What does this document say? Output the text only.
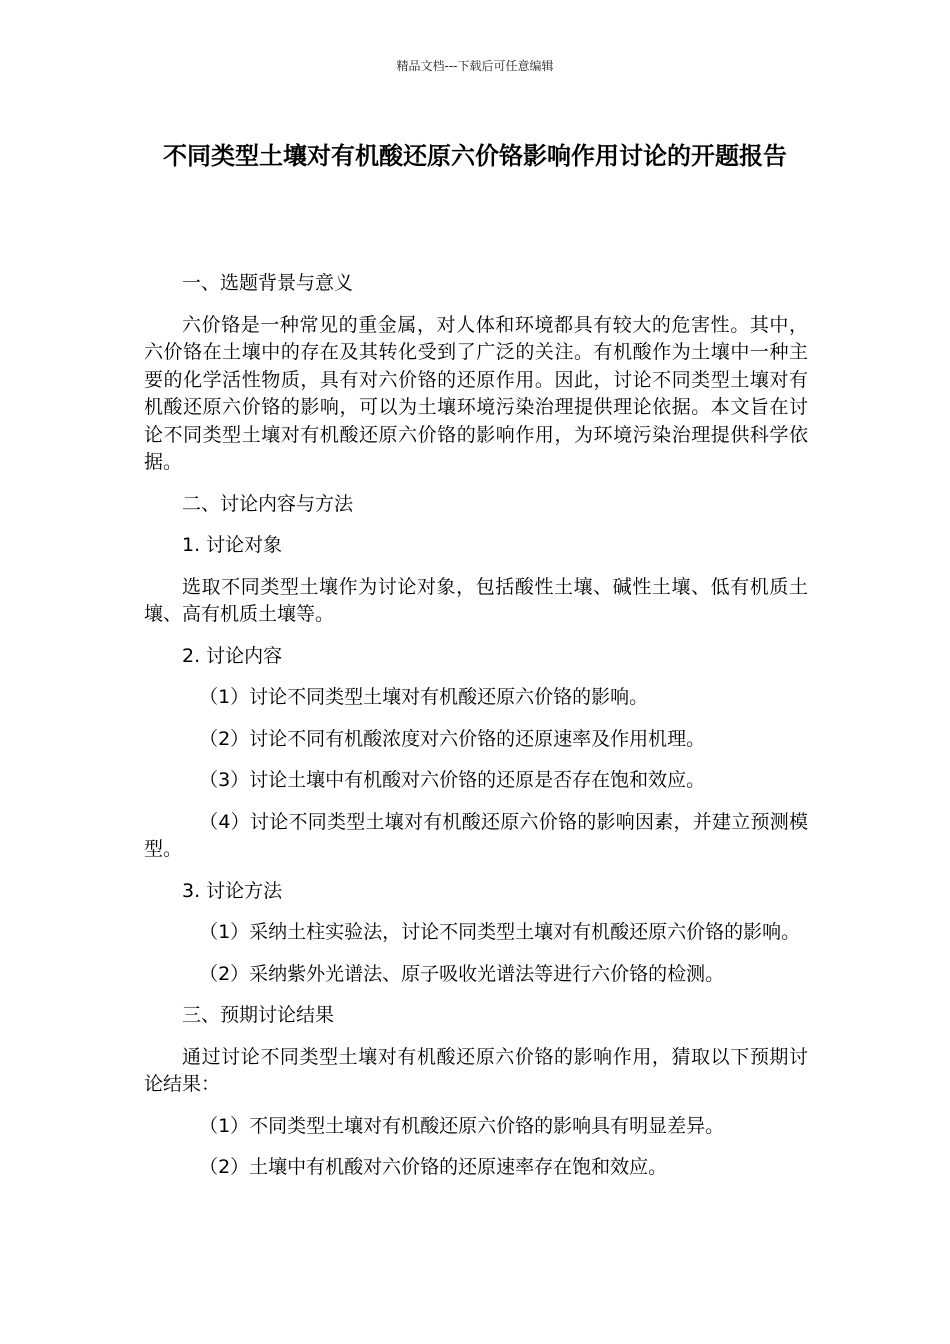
精品文档---下载后可任意编辑
不同类型土壤对有机酸还原六价铬影响作用讨论的开题报告

一、选题背景与意义

六价铬是一种常见的重金属，对人体和环境都具有较大的危害性。其中，六价铬在土壤中的存在及其转化受到了广泛的关注。有机酸作为土壤中一种主要的化学活性物质，具有对六价铬的还原作用。因此，讨论不同类型土壤对有机酸还原六价铬的影响，可以为土壤环境污染治理提供理论依据。本文旨在讨论不同类型土壤对有机酸还原六价铬的影响作用，为环境污染治理提供科学依据。

二、讨论内容与方法

1. 讨论对象

选取不同类型土壤作为讨论对象，包括酸性土壤、碱性土壤、低有机质土壤、高有机质土壤等。

2. 讨论内容

（1）讨论不同类型土壤对有机酸还原六价铬的影响。

（2）讨论不同有机酸浓度对六价铬的还原速率及作用机理。

（3）讨论土壤中有机酸对六价铬的还原是否存在饱和效应。

（4）讨论不同类型土壤对有机酸还原六价铬的影响因素，并建立预测模型。

3. 讨论方法

（1）采纳土柱实验法，讨论不同类型土壤对有机酸还原六价铬的影响。

（2）采纳紫外光谱法、原子吸收光谱法等进行六价铬的检测。

三、预期讨论结果

通过讨论不同类型土壤对有机酸还原六价铬的影响作用，猜取以下预期讨论结果：

（1）不同类型土壤对有机酸还原六价铬的影响具有明显差异。

（2）土壤中有机酸对六价铬的还原速率存在饱和效应。
